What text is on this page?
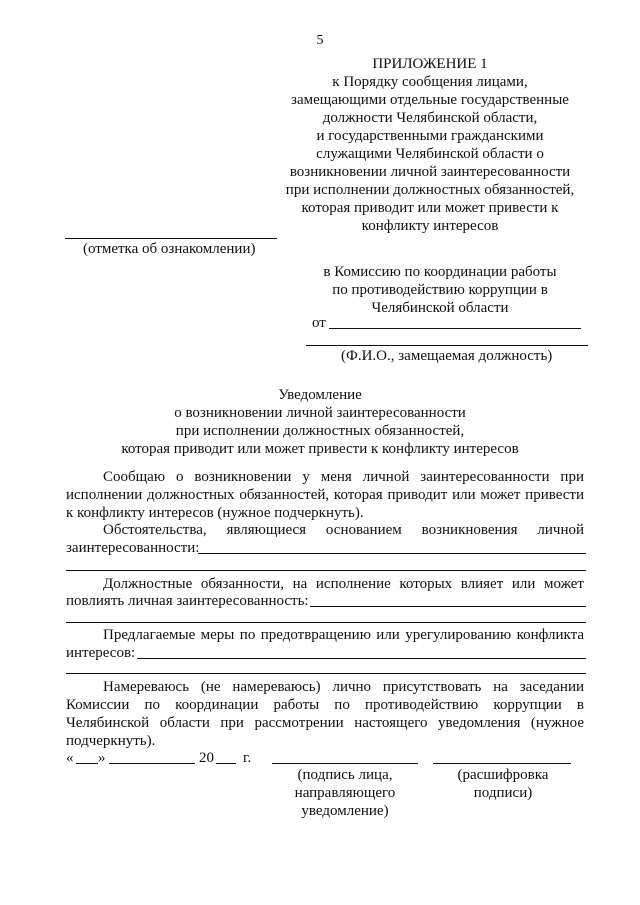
5
ПРИЛОЖЕНИЕ 1
к Порядку сообщения лицами,
замещающими отдельные государственные
должности Челябинской области,
и государственными гражданскими
служащими Челябинской области о
возникновении личной заинтересованности
при исполнении должностных обязанностей,
которая приводит или может привести к
конфликту интересов
(отметка об ознакомлении)
в Комиссию по координации работы
по противодействию коррупции в
Челябинской области
от
(Ф.И.О., замещаемая должность)
Уведомление
о возникновении личной заинтересованности
при исполнении должностных обязанностей,
которая приводит или может привести к конфликту интересов
Сообщаю о возникновении у меня личной заинтересованности при
исполнении должностных обязанностей, которая приводит или может привести
к конфликту интересов (нужное подчеркнуть).
Обстоятельства, являющиеся основанием возникновения личной
заинтересованности:
Должностные обязанности, на исполнение которых влияет или может
повлиять личная заинтересованность:
Предлагаемые меры по предотвращению или урегулированию конфликта
интересов:
Намереваюсь (не намереваюсь) лично присутствовать на заседании
Комиссии по координации работы по противодействию коррупции в
Челябинской области при рассмотрении настоящего уведомления (нужное
подчеркнуть).
« »	20 г.
(подпись лица,
направляющего
уведомление)
(расшифровка
подписи)
